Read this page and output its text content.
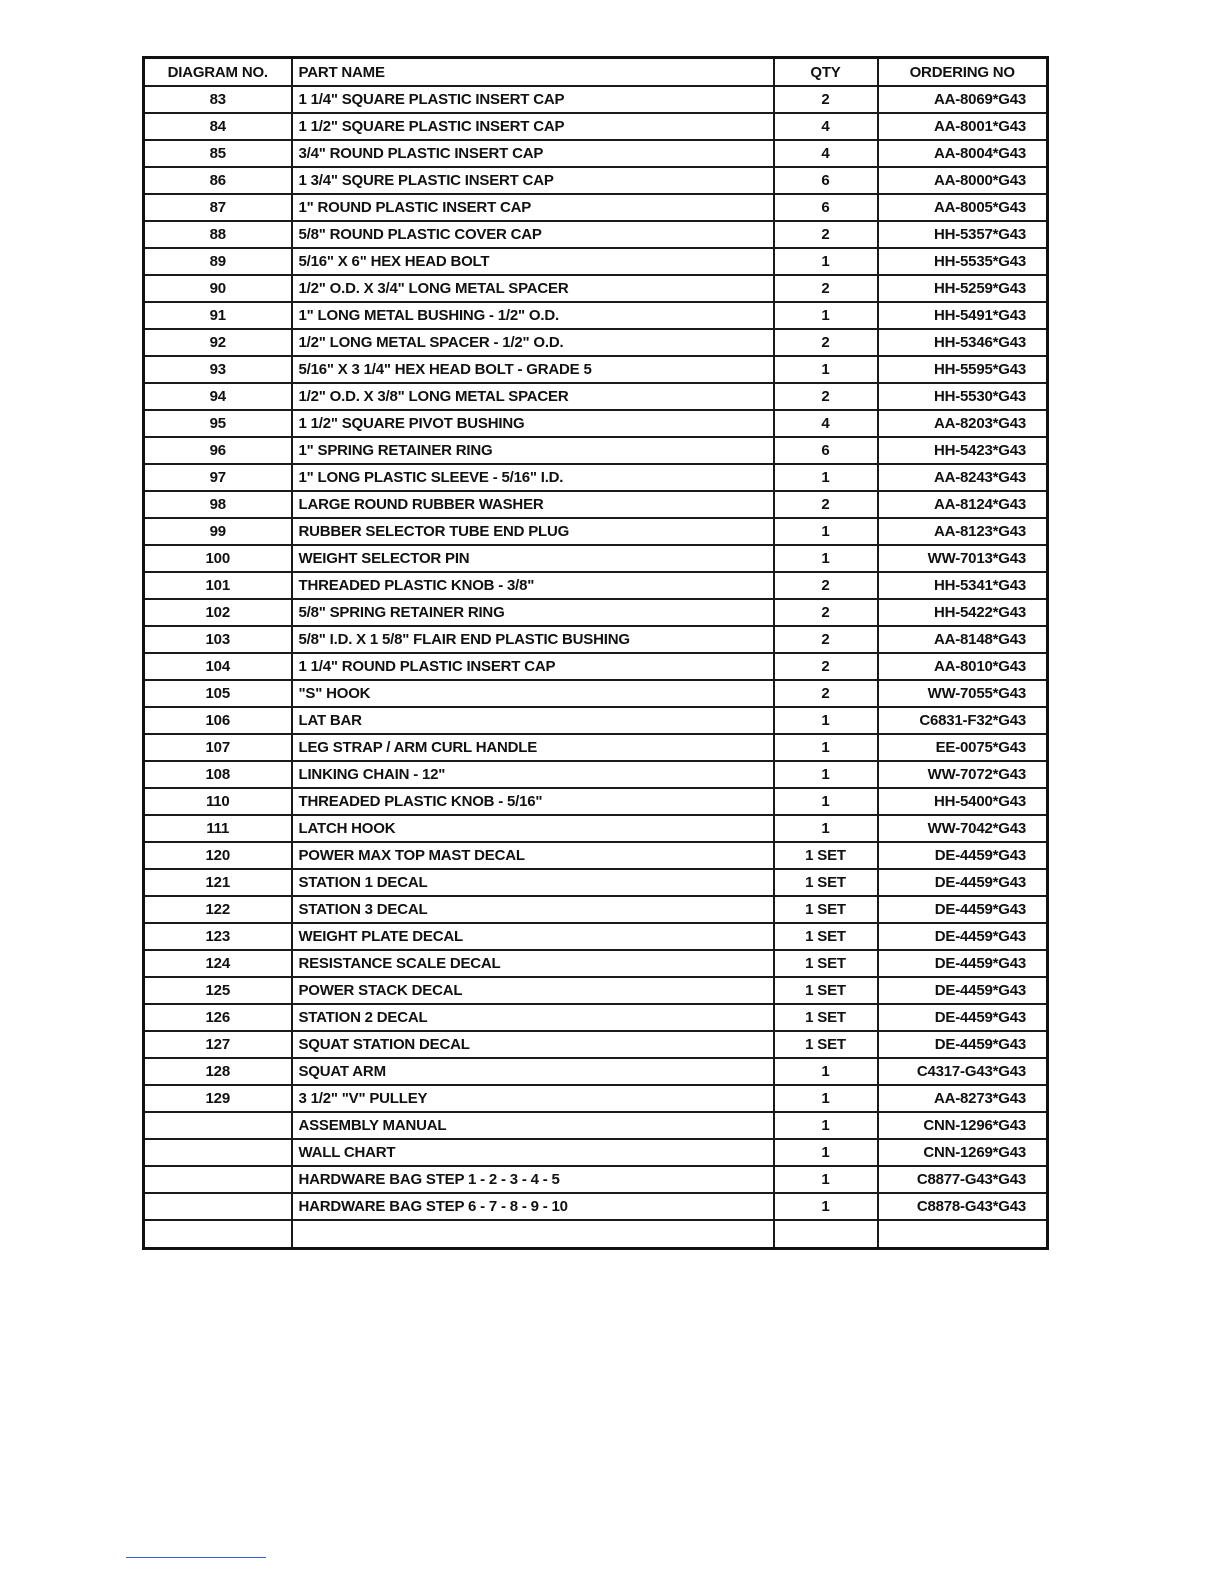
DIAGRAM NO.	PART NAME	QTY	ORDERING NO
83	1 1/4" SQUARE PLASTIC INSERT CAP	2	AA-8069*G43
84	1 1/2" SQUARE PLASTIC INSERT CAP	4	AA-8001*G43
85	3/4" ROUND PLASTIC INSERT CAP	4	AA-8004*G43
86	1 3/4" SQURE PLASTIC INSERT CAP	6	AA-8000*G43
87	1" ROUND PLASTIC INSERT CAP	6	AA-8005*G43
88	5/8" ROUND PLASTIC COVER CAP	2	HH-5357*G43
89	5/16" X 6" HEX HEAD BOLT	1	HH-5535*G43
90	1/2" O.D. X 3/4" LONG METAL SPACER	2	HH-5259*G43
91	1" LONG METAL BUSHING - 1/2" O.D.	1	HH-5491*G43
92	1/2" LONG METAL SPACER - 1/2" O.D.	2	HH-5346*G43
93	5/16" X 3 1/4" HEX HEAD BOLT - GRADE 5	1	HH-5595*G43
94	1/2" O.D. X 3/8" LONG METAL SPACER	2	HH-5530*G43
95	1 1/2" SQUARE PIVOT BUSHING	4	AA-8203*G43
96	1" SPRING RETAINER RING	6	HH-5423*G43
97	1" LONG PLASTIC SLEEVE - 5/16" I.D.	1	AA-8243*G43
98	LARGE ROUND RUBBER WASHER	2	AA-8124*G43
99	RUBBER SELECTOR TUBE END PLUG	1	AA-8123*G43
100	WEIGHT SELECTOR PIN	1	WW-7013*G43
101	THREADED PLASTIC KNOB - 3/8"	2	HH-5341*G43
102	5/8" SPRING RETAINER RING	2	HH-5422*G43
103	5/8" I.D. X 1 5/8" FLAIR END PLASTIC BUSHING	2	AA-8148*G43
104	1 1/4" ROUND PLASTIC INSERT CAP	2	AA-8010*G43
105	"S" HOOK	2	WW-7055*G43
106	LAT BAR	1	C6831-F32*G43
107	LEG STRAP / ARM CURL HANDLE	1	EE-0075*G43
108	LINKING CHAIN - 12"	1	WW-7072*G43
110	THREADED PLASTIC KNOB - 5/16"	1	HH-5400*G43
111	LATCH HOOK	1	WW-7042*G43
120	POWER MAX TOP MAST DECAL	1 SET	DE-4459*G43
121	STATION 1 DECAL	1 SET	DE-4459*G43
122	STATION 3 DECAL	1 SET	DE-4459*G43
123	WEIGHT PLATE DECAL	1 SET	DE-4459*G43
124	RESISTANCE SCALE DECAL	1 SET	DE-4459*G43
125	POWER STACK DECAL	1 SET	DE-4459*G43
126	STATION 2 DECAL	1 SET	DE-4459*G43
127	SQUAT STATION DECAL	1 SET	DE-4459*G43
128	SQUAT ARM	1	C4317-G43*G43
129	3 1/2" "V" PULLEY	1	AA-8273*G43
	ASSEMBLY MANUAL	1	CNN-1296*G43
	WALL CHART	1	CNN-1269*G43
	HARDWARE BAG STEP 1 - 2 - 3 - 4 - 5	1	C8877-G43*G43
	HARDWARE BAG STEP 6 - 7 - 8 - 9 - 10	1	C8878-G43*G43
